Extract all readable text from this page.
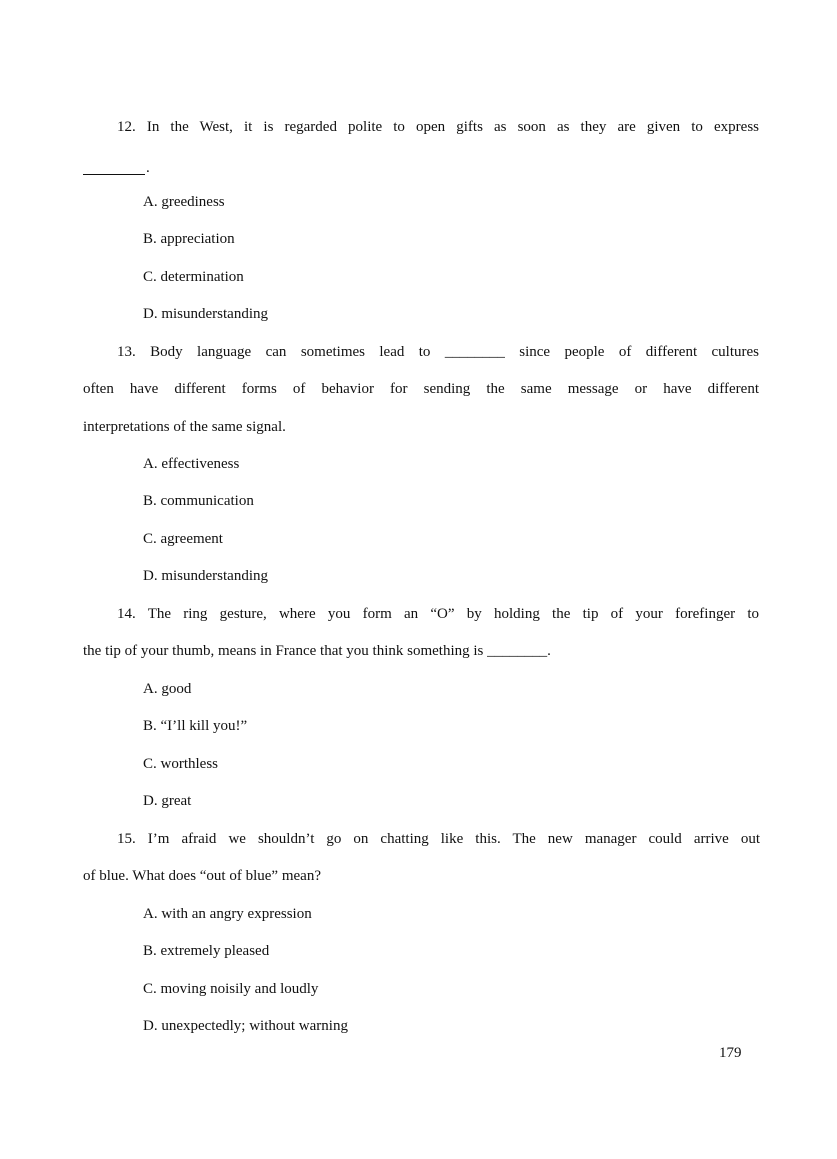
12. In the West, it is regarded polite to open gifts as soon as they are given to express
.
A. greediness
B. appreciation
C. determination
D. misunderstanding
13. Body language can sometimes lead to ________ since people of different cultures
often have different forms of behavior for sending the same message or have different
interpretations of the same signal.
A. effectiveness
B. communication
C. agreement
D. misunderstanding
14. The ring gesture, where you form an “O” by holding the tip of your forefinger to
the tip of your thumb, means in France that you think something is ________.
A. good
B. “I’ll kill you!”
C. worthless
D. great
15. I’m afraid we shouldn’t go on chatting like this. The new manager could arrive out
of blue. What does “out of blue” mean?
A. with an angry expression
B. extremely pleased
C. moving noisily and loudly
D. unexpectedly; without warning
179
